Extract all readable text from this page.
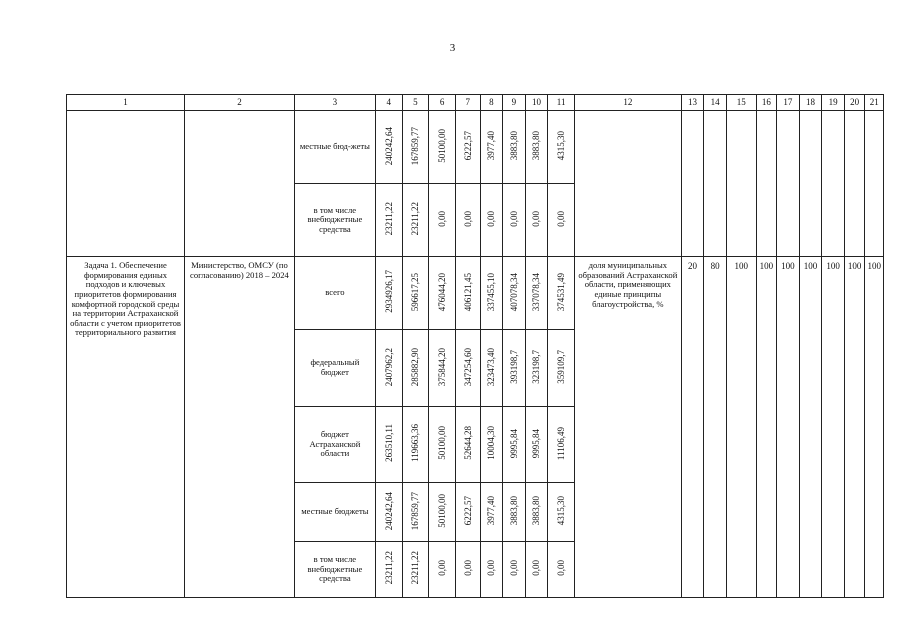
3
1	2	3	4	5	6	7	8	9	10	11	12	13	14	15	16	17	18	19	20	21
		местные бюд-жеты	240242,64	167859,77	50100,00	6222,57	3977,40	3883,80	3883,80	4315,30										
		в том числе внебюджетные средства	23211,22	23211,22	0,00	0,00	0,00	0,00	0,00	0,00										
Задача 1. Обеспечение формирования единых подходов и ключевых приоритетов формирования комфортной городской среды на территории Астраханской области с учетом приоритетов территориального развития	Министерство, ОМСУ (по согласованию) 2018 – 2024	всего	2934926,17	596617,25	476044,20	406121,45	337455,10	407078,34	337078,34	374531,49	доля муниципальных образований Астраханской области, применяющих единые принципы благоустройства, %	20	80	100	100	100	100	100	100	100
		федеральный бюджет	2407962,2	285882,90	375844,20	347254,60	323473,40	393198,7	323198,7	359109,7										
		бюджет Астраханской области	263510,11	119663,36	50100,00	52644,28	10004,30	9995,84	9995,84	11106,49										
		местные бюджеты	240242,64	167859,77	50100,00	6222,57	3977,40	3883,80	3883,80	4315,30										
		в том числе внебюджетные средства	23211,22	23211,22	0,00	0,00	0,00	0,00	0,00	0,00										
